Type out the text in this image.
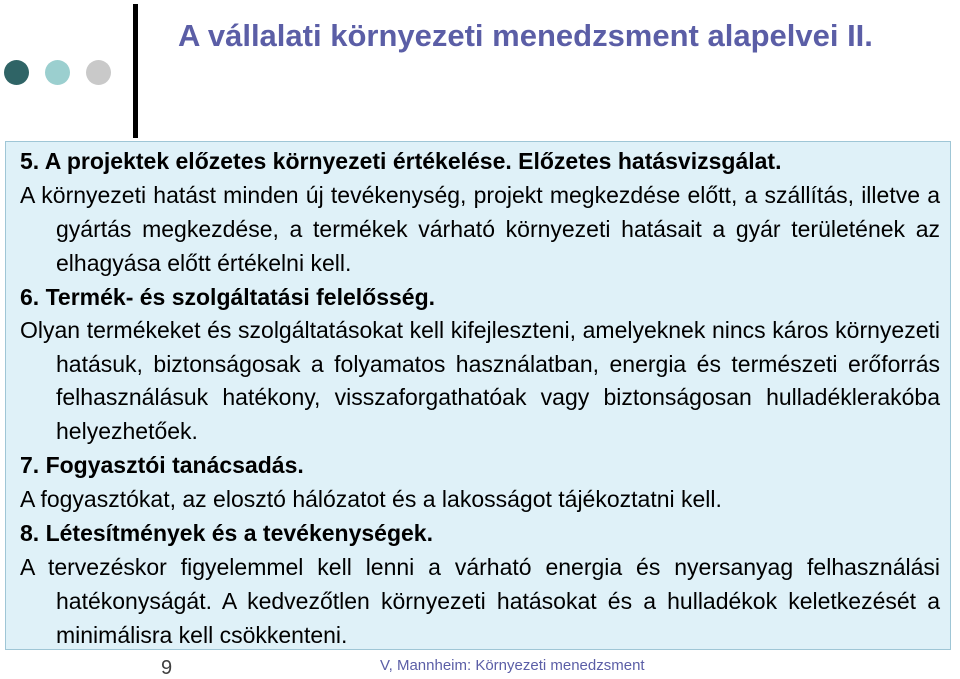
A vállalati környezeti menedzsment alapelvei II.
5. A projektek előzetes környezeti értékelése. Előzetes hatásvizsgálat.

A környezeti hatást minden új tevékenység, projekt megkezdése előtt, a szállítás, illetve a gyártás megkezdése, a termékek várható környezeti hatásait a gyár területének az elhagyása előtt értékelni kell.

6. Termék- és szolgáltatási felelősség.

Olyan termékeket és szolgáltatásokat kell kifejleszteni, amelyeknek nincs káros környezeti hatásuk, biztonságosak a folyamatos használatban, energia és természeti erőforrás felhasználásuk hatékony, visszaforgathatóak vagy biztonságosan hulladéklerakóba helyezhetőek.

7. Fogyasztói tanácsadás.

A fogyasztókat, az elosztó hálózatot és a lakosságot tájékoztatni kell.

8. Létesítmények és a tevékenységek.

A tervezéskor figyelemmel kell lenni a várható energia és nyersanyag felhasználási hatékonyságát. A kedvezőtlen környezeti hatásokat és a hulladékok keletkezését a minimálisra kell csökkenteni.

9	V, Mannheim: Környezeti menedzsment
